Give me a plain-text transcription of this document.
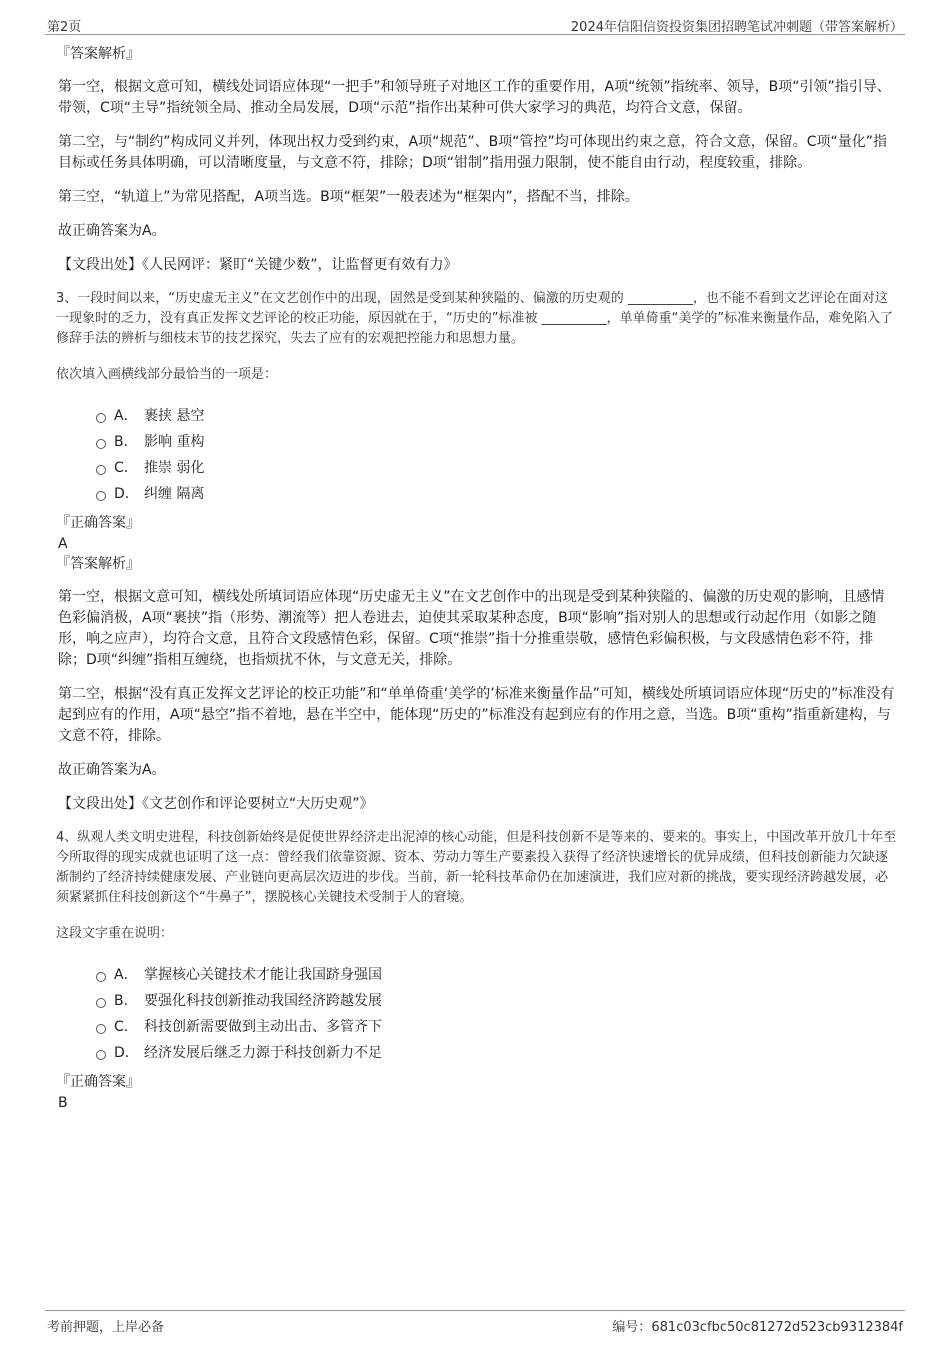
第2页	2024年信阳信资投资集团招聘笔试冲刺题（带答案解析）
『答案解析』

第一空，根据文意可知，横线处词语应体现“一把手”和领导班子对地区工作的重要作用，A项“统领”指统率、领导，B项“引领”指引导、带领，C项“主导”指统领全局、推动全局发展，D项“示范”指作出某种可供大家学习的典范，均符合文意，保留。

第二空，与“制约”构成同义并列，体现出权力受到约束，A项“规范”、B项“管控”均可体现出约束之意，符合文意，保留。C项“量化”指目标或任务具体明确，可以清晰度量，与文意不符，排除；D项“钳制”指用强力限制，使不能自由行动，程度较重，排除。

第三空，“轨道上”为常见搭配，A项当选。B项“框架”一般表述为“框架内”，搭配不当，排除。

故正确答案为A。

【文段出处】《人民网评：紧盯“关键少数”，让监督更有效有力》

3、一段时间以来，“历史虚无主义”在文艺创作中的出现，固然是受到某种狭隘的、偏激的历史观的 __________，也不能不看到文艺评论在面对这一现象时的乏力，没有真正发挥文艺评论的校正功能，原因就在于，“历史的”标准被 __________，单单倚重“美学的”标准来衡量作品，难免陷入了修辞手法的辨析与细枝末节的技艺探究，失去了应有的宏观把控能力和思想力量。

依次填入画横线部分最恰当的一项是：

A． 裹挟 悬空
B． 影响 重构
C． 推崇 弱化
D． 纠缠 隔离
『正确答案』
A
『答案解析』

第一空，根据文意可知，横线处所填词语应体现“历史虚无主义”在文艺创作中的出现是受到某种狭隘的、偏激的历史观的影响，且感情色彩偏消极，A项“裹挟”指（形势、潮流等）把人卷进去，迫使其采取某种态度，B项“影响”指对别人的思想或行动起作用（如影之随形，响之应声），均符合文意，且符合文段感情色彩，保留。C项“推崇”指十分推重崇敬，感情色彩偏积极，与文段感情色彩不符，排除；D项“纠缠”指相互缠绕，也指烦扰不休，与文意无关，排除。

第二空，根据“没有真正发挥文艺评论的校正功能”和“单单倚重‘美学的’标准来衡量作品”可知，横线处所填词语应体现“历史的”标准没有起到应有的作用，A项“悬空”指不着地，悬在半空中，能体现“历史的”标准没有起到应有的作用之意，当选。B项“重构”指重新建构，与文意不符，排除。

故正确答案为A。

【文段出处】《文艺创作和评论要树立“大历史观”》

4、纵观人类文明史进程，科技创新始终是促使世界经济走出泥淖的核心动能，但是科技创新不是等来的、要来的。事实上，中国改革开放几十年至今所取得的现实成就也证明了这一点：曾经我们依靠资源、资本、劳动力等生产要素投入获得了经济快速增长的优异成绩，但科技创新能力欠缺逐渐制约了经济持续健康发展、产业链向更高层次迈进的步伐。当前，新一轮科技革命仍在加速演进，我们应对新的挑战，要实现经济跨越发展，必须紧紧抓住科技创新这个“牛鼻子”，摆脱核心关键技术受制于人的窘境。

这段文字重在说明：

A． 掌握核心关键技术才能让我国跻身强国
B． 要强化科技创新推动我国经济跨越发展
C． 科技创新需要做到主动出击、多管齐下
D． 经济发展后继乏力源于科技创新力不足
『正确答案』
B
考前押题，上岸必备	编号：681c03cfbc50c81272d523cb9312384f
